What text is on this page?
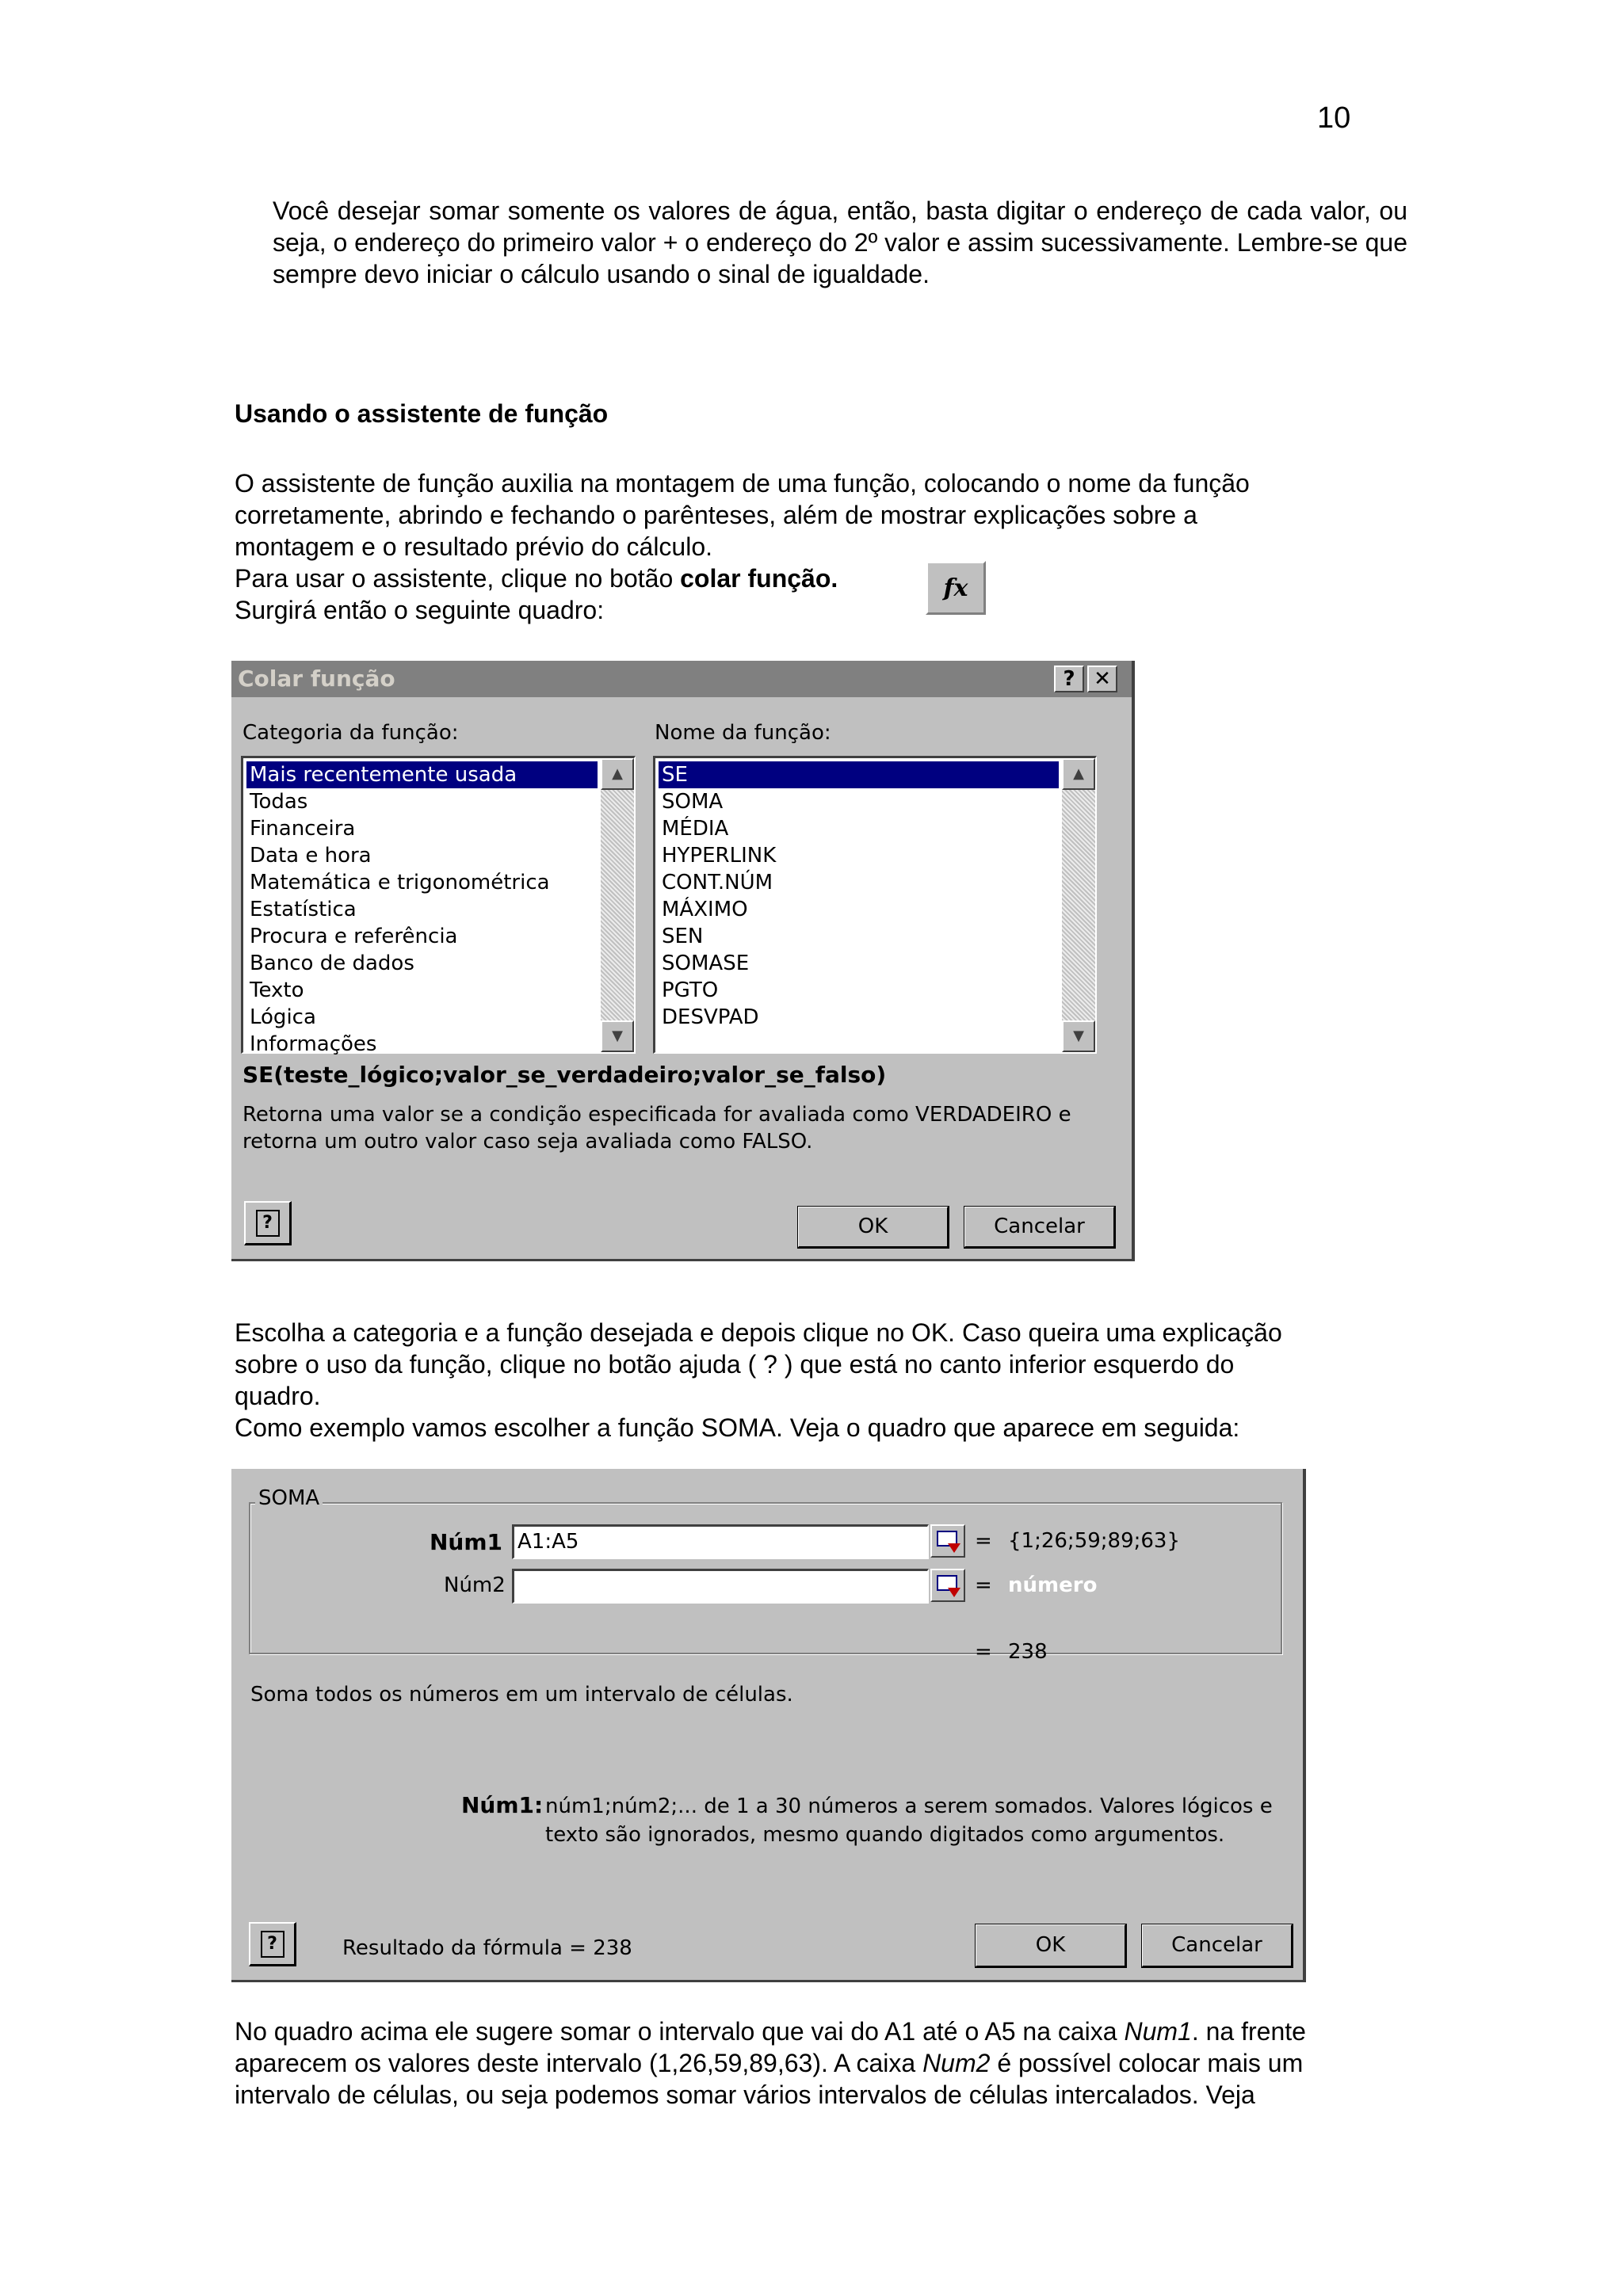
10

Você desejar somar somente os valores de água, então, basta digitar o endereço de cada valor, ou seja, o endereço do primeiro valor + o endereço do 2º valor e assim sucessivamente. Lembre-se que sempre devo iniciar o cálculo usando o sinal de igualdade.

Usando o assistente de função
O assistente de função auxilia na montagem de uma função, colocando o nome da função
corretamente, abrindo e fechando o parênteses, além de mostrar explicações sobre a
montagem e o resultado prévio do cálculo.
Para usar o assistente, clique no botão colar função.
Surgirá então o seguinte quadro:
fx
Colar função	? ✕
Categoria da função:	Nome da função:
Mais recentemente usada
Todas
Financeira
Data e hora
Matemática e trigonométrica
Estatística
Procura e referência
Banco de dados
Texto
Lógica
Informações
▲
▼
SE
SOMA
MÉDIA
HYPERLINK
CONT.NÚM
MÁXIMO
SEN
SOMASE
PGTO
DESVPAD
▲
▼
SE(teste_lógico;valor_se_verdadeiro;valor_se_falso)
Retorna uma valor se a condição especificada for avaliada como VERDADEIRO e
retorna um outro valor caso seja avaliada como FALSO.
?	OK	Cancelar
Escolha a categoria e a função desejada e depois clique no OK. Caso queira uma explicação
sobre o uso da função, clique no botão ajuda ( ? ) que está no canto inferior esquerdo do
quadro.
Como exemplo vamos escolher a função SOMA. Veja o quadro que aparece em seguida:
SOMA
Núm1 A1:A5	= {1;26;59;89;63}
Núm2	= número
= 238
Soma todos os números em um intervalo de células.
Núm1: núm1;núm2;... de 1 a 30 números a serem somados. Valores lógicos e
texto são ignorados, mesmo quando digitados como argumentos.
?	Resultado da fórmula = 238	OK	Cancelar
No quadro acima ele sugere somar o intervalo que vai do A1 até o A5 na caixa Num1. na frente
aparecem os valores deste intervalo (1,26,59,89,63). A caixa Num2 é possível colocar mais um
intervalo de células, ou seja podemos somar vários intervalos de células intercalados. Veja
